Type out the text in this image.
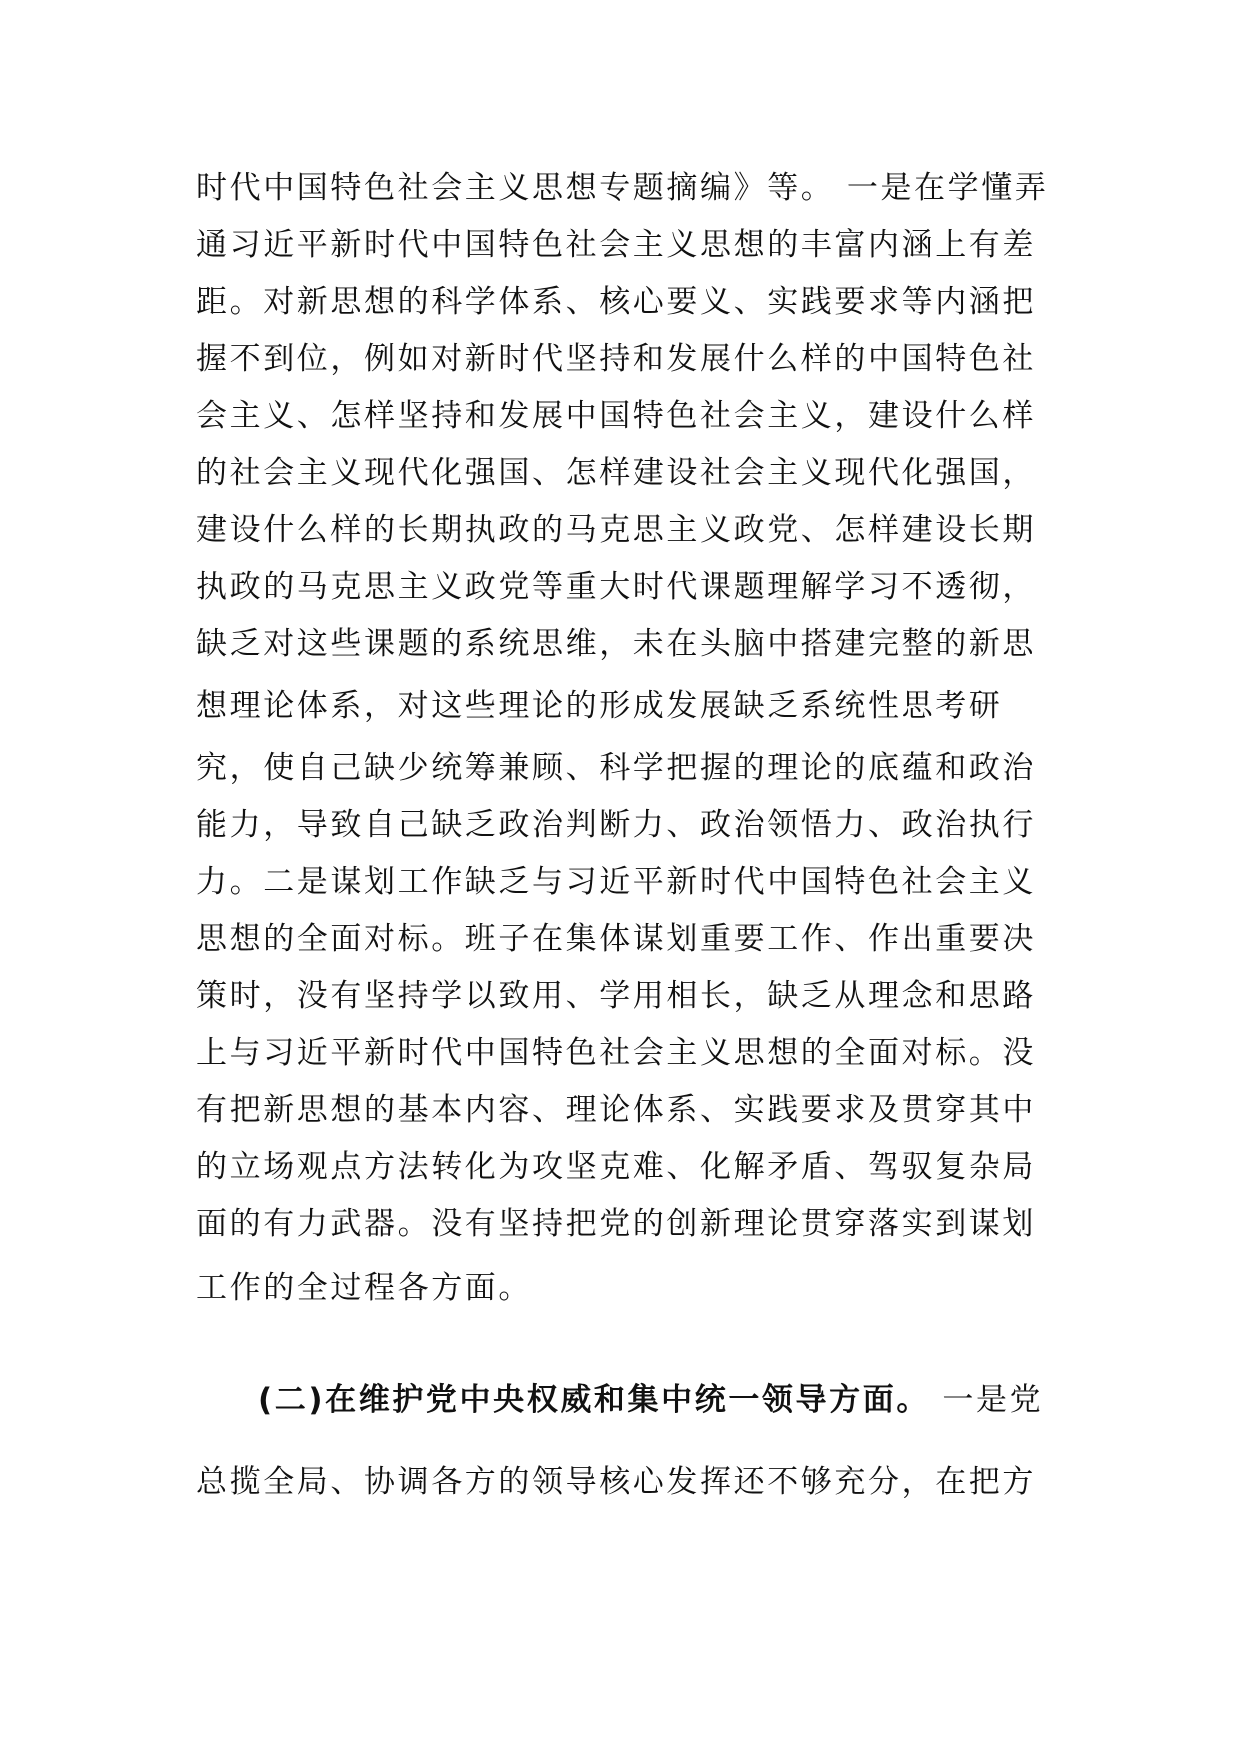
时代中国特色社会主义思想专题摘编》等。 一是在学懂弄
通习近平新时代中国特色社会主义思想的丰富内涵上有差
距。对新思想的科学体系、核心要义、实践要求等内涵把
握不到位，例如对新时代坚持和发展什么样的中国特色社
会主义、怎样坚持和发展中国特色社会主义，建设什么样
的社会主义现代化强国、怎样建设社会主义现代化强国，
建设什么样的长期执政的马克思主义政党、怎样建设长期
执政的马克思主义政党等重大时代课题理解学习不透彻，
缺乏对这些课题的系统思维，未在头脑中搭建完整的新思
想理论体系，对这些理论的形成发展缺乏系统性思考研
究，使自己缺少统筹兼顾、科学把握的理论的底蕴和政治
能力，导致自己缺乏政治判断力、政治领悟力、政治执行
力。二是谋划工作缺乏与习近平新时代中国特色社会主义
思想的全面对标。班子在集体谋划重要工作、作出重要决
策时，没有坚持学以致用、学用相长，缺乏从理念和思路
上与习近平新时代中国特色社会主义思想的全面对标。没
有把新思想的基本内容、理论体系、实践要求及贯穿其中
的立场观点方法转化为攻坚克难、化解矛盾、驾驭复杂局
面的有力武器。没有坚持把党的创新理论贯穿落实到谋划
工作的全过程各方面。
(二)在维护党中央权威和集中统一领导方面。 一是党
总揽全局、协调各方的领导核心发挥还不够充分，在把方
